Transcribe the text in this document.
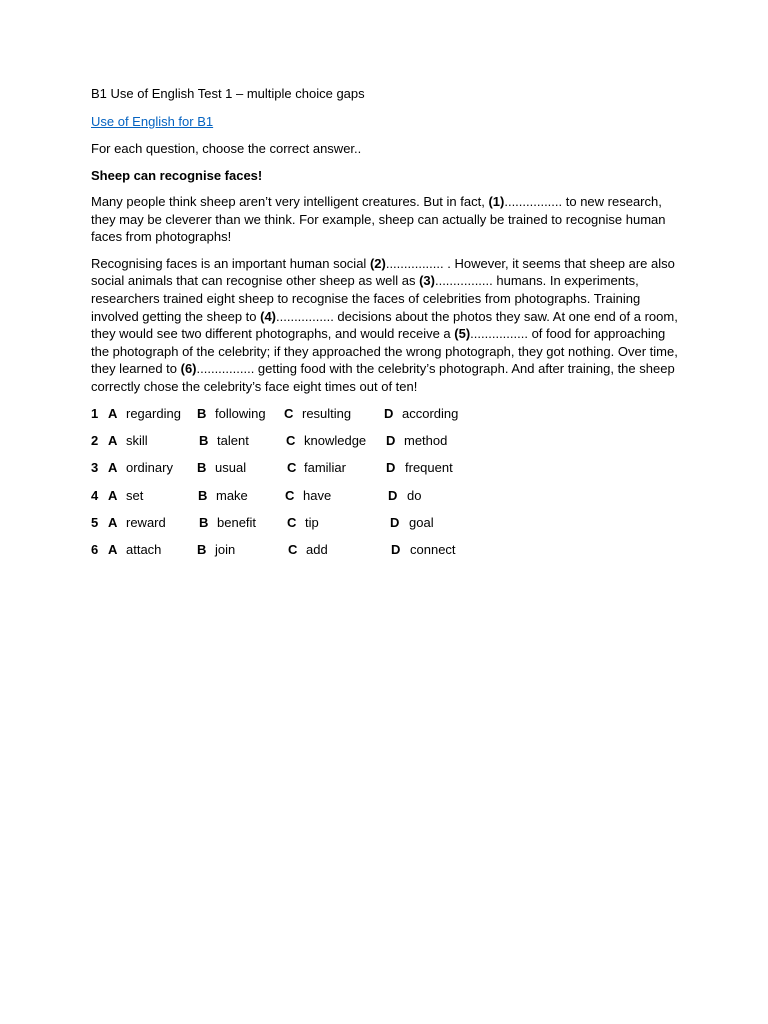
B1 Use of English Test 1 – multiple choice gaps

Use of English for B1

For each question, choose the correct answer..

Sheep can recognise faces!

Many people think sheep aren’t very intelligent creatures. But in fact, (1)................ to new research, they may be cleverer than we think. For example, sheep can actually be trained to recognise human faces from photographs!

Recognising faces is an important human social (2)................ . However, it seems that sheep are also social animals that can recognise other sheep as well as (3)................ humans. In experiments, researchers trained eight sheep to recognise the faces of celebrities from photographs. Training involved getting the sheep to (4)................ decisions about the photos they saw. At one end of a room, they would see two different photographs, and would receive a (5)................ of food for approaching the photograph of the celebrity; if they approached the wrong photograph, they got nothing. Over time, they learned to (6)................ getting food with the celebrity’s photograph. And after training, the sheep correctly chose the celebrity’s face eight times out of ten!

1 A regarding B following C resulting	D according
2 A skill	B talent	C knowledge D method
3 A ordinary B usual	C familiar	D frequent
4 A set	B make	C have	D do
5 A reward	B benefit C tip	D goal
6 A attach	B join	C add	D connect
